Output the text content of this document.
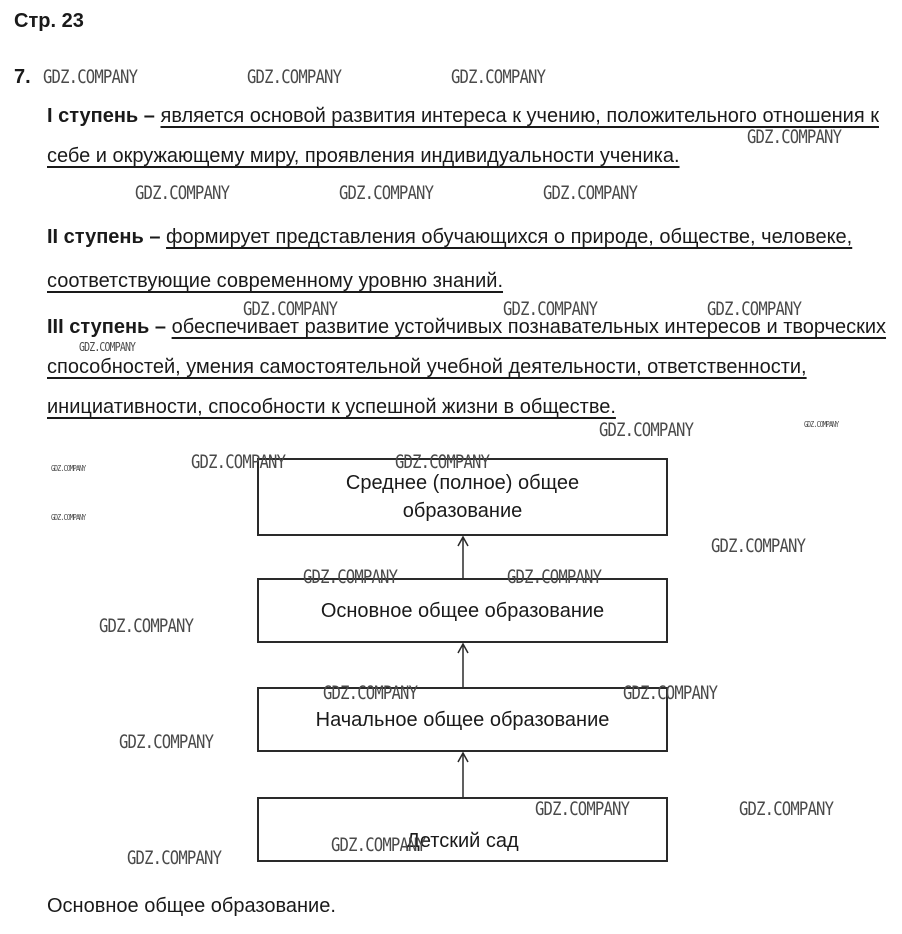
Стр. 23
7.
I ступень – является основой развития интереса к учению, положительного отношения к себе и окружающему миру, проявления индивидуальности ученика.
II ступень – формирует представления обучающихся о природе, обществе, человеке, соответствующие современному уровню знаний.
III ступень – обеспечивает развитие устойчивых познавательных интересов и творческих способностей, умения самостоятельной учебной деятельности, ответственности, инициативности, способности к успешной жизни в обществе.
Среднее (полное) общее образование
Основное общее образование
Начальное общее образование
Детский сад
Основное общее образование.
GDZ.COMPANY	GDZ.COMPANY	GDZ.COMPANY
GDZ.COMPANY
GDZ.COMPANY	GDZ.COMPANY	GDZ.COMPANY
GDZ.COMPANY	GDZ.COMPANY	GDZ.COMPANY
GDZ.COMPANY
GDZ.COMPANY	GDZ.COMPANY
GDZ.COMPANY	GDZ.COMPANY
GDZ.COMPANY
GDZ.COMPANY
GDZ.COMPANY
GDZ.COMPANY	GDZ.COMPANY
GDZ.COMPANY
GDZ.COMPANY	GDZ.COMPANY
GDZ.COMPANY
GDZ.COMPANY	GDZ.COMPANY
GDZ.COMPANY
GDZ.COMPANY
